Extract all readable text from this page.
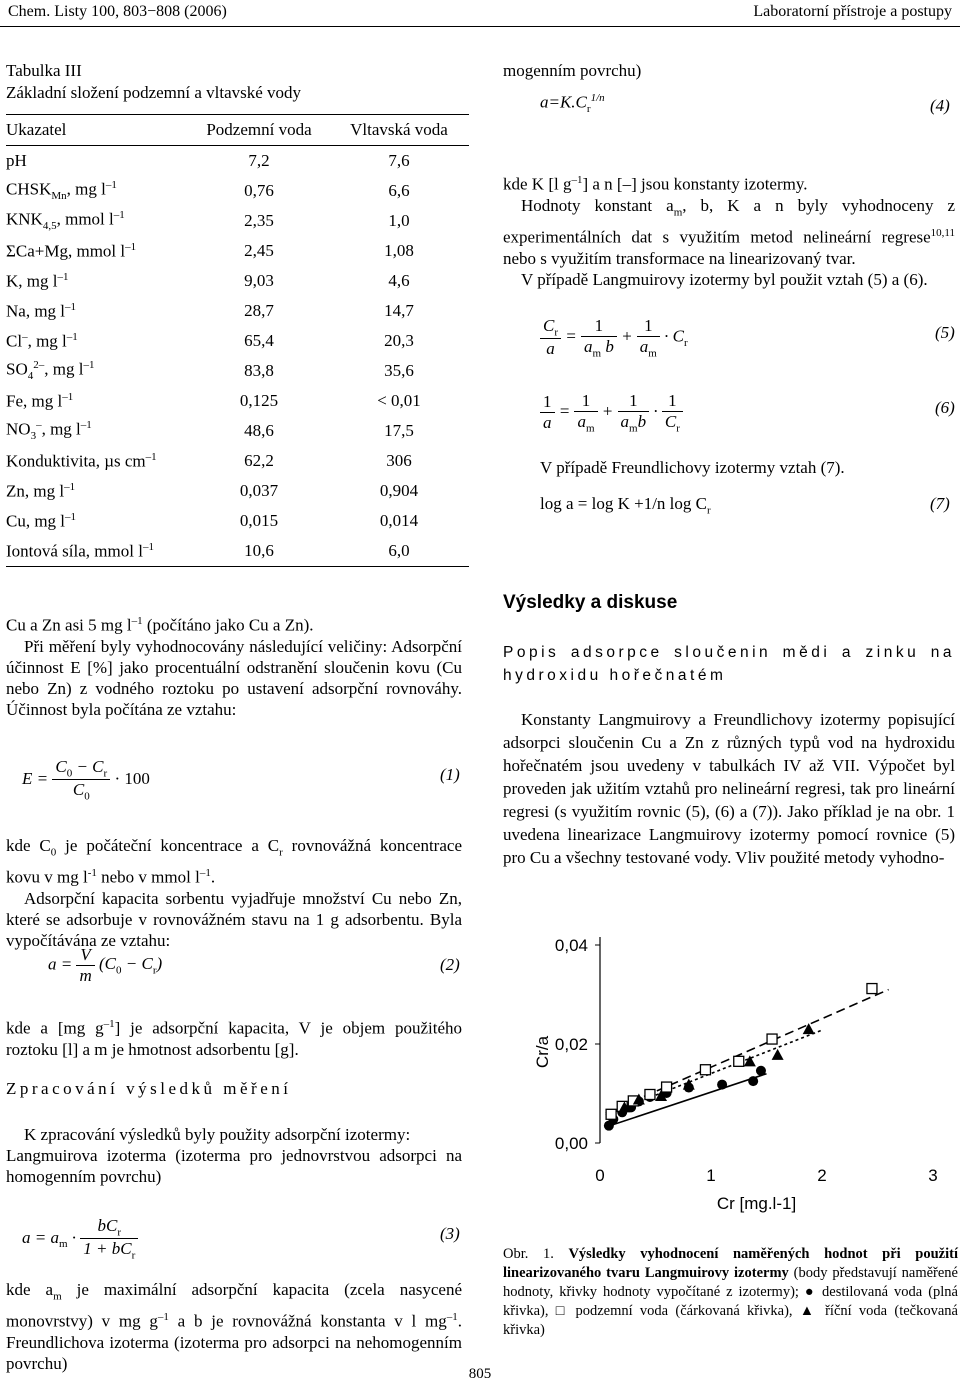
Chem. Listy 100, 803−808 (2006)	Laboratorní přístroje a postupy
Tabulka III
Základní složení podzemní a vltavské vody
Ukazatel	Podzemní voda	Vltavská voda
pH	7,2	7,6
$CHSK_{Mn}$, mg $l^{-1}$	0,76	6,6
$KNK_{4,5}$, mmol $l^{-1}$	2,35	1,0
ΣCa+Mg, mmol $l^{-1}$	2,45	1,08
K, mg $l^{-1}$	9,03	4,6
Na, mg $l^{-1}$	28,7	14,7
Cl–, mg $l^{-1}$	65,4	20,3
$SO_4^{2-}$, mg $l^{-1}$	83,8	35,6
Fe, mg $l^{-1}$	0,125	< 0,01
$NO_3^-$, mg $l^{-1}$	48,6	17,5
Konduktivita, µs $cm^{-1}$	62,2	306
Zn, mg $l^{-1}$	0,037	0,904
Cu, mg $l^{-1}$	0,015	0,014
Iontová síla, mmol $l^{-1}$	10,6	6,0
Cu a Zn asi 5 mg $l^{-1}$ (počítáno jako Cu a Zn).
Při měření byly vyhodnocovány následující veličiny: Adsorpční účinnost E [%] jako procentuální odstranění sloučenin kovu (Cu nebo Zn) z vodného roztoku po ustavení adsorpční rovnováhy. Účinnost byla počítána ze vztahu:
$E = \frac{C_0 - C_r}{C_0} \cdot 100$	(1)
kde $C_0$ je počáteční koncentrace a $C_r$ rovnovážná koncentrace kovu v mg $l^{-1}$ nebo v mmol $l^{-1}$.
Adsorpční kapacita sorbentu vyjadřuje množství Cu nebo Zn, které se adsorbuje v rovnovážném stavu na 1 g adsorbentu. Byla vypočítávána ze vztahu:
$a = \frac{V}{m} (C_0 - C_r)$	(2)
kde a [mg $g^{-1}$] je adsorpční kapacita, V je objem použitého roztoku [l] a m je hmotnost adsorbentu [g].
Zpracování výsledků měření
K zpracování výsledků byly použity adsorpční izotermy:
Langmuirova izoterma (izoterma pro jednovrstvou adsorpci na homogenním povrchu)
$a = a_m \cdot \frac{bC_r}{1 + bC_r}$	(3)
kde $a_m$ je maximální adsorpční kapacita (zcela nasycené monovrstvy) v mg $g^{-1}$ a b je rovnovážná konstanta v l $mg^{-1}$. Freundlichova izoterma (izoterma pro adsorpci na nehomogenním povrchu)
mogenním povrchu)
$a=K.C_r^{1/n}$	(4)
kde K [l $g^{-1}$] a n [–] jsou konstanty izotermy.
Hodnoty konstant $a_m$, b, K a n byly vyhodnoceny z experimentálních dat s využitím metod nelineární regrese$^{10,11}$ nebo s využitím transformace na linearizovaný tvar.
V případě Langmuirovy izotermy byl použit vztah (5) a (6).
$\frac{C_r}{a} = \frac{1}{a_m b} + \frac{1}{a_m} \cdot C_r$
(5)
$\frac{1}{a} = \frac{1}{a_m} + \frac{1}{a_mb} \cdot \frac{1}{C_r}$	(6)
V případě Freundlichovy izotermy vztah (7).
log a = log K +1/n $\log C_r$	(7)
Výsledky a diskuse
Popis adsorpce sloučenin mědi a zinku na hydroxidu hořečnatém
Konstanty Langmuirovy a Freundlichovy izotermy popisující adsorpci sloučenin Cu a Zn z různých typů vod na hydroxidu hořečnatém jsou uvedeny v tabulkách IV až VII. Výpočet byl proveden jak užitím vztahů pro nelineární regresi, tak pro lineární regresi (s využitím rovnic (5), (6) a (7)). Jako příklad je na obr. 1 uvedena linearizace Langmuirovy izotermy pomocí rovnice (5) pro Cu a všechny testované vody. Vliv použité metody vyhodno-
0,00
0,02
0,04
0	1	2	3
Cr [mg.l-1]
Cr/a
Obr. 1. Výsledky vyhodnocení naměřených hodnot při použití linearizovaného tvaru Langmuirovy izotermy (body představují naměřené hodnoty, křivky hodnoty vypočítané z izotermy); ● destilovaná voda (plná křivka), □ podzemní voda (čárkovaná křivka), ▲ říční voda (tečkovaná křivka)
805
